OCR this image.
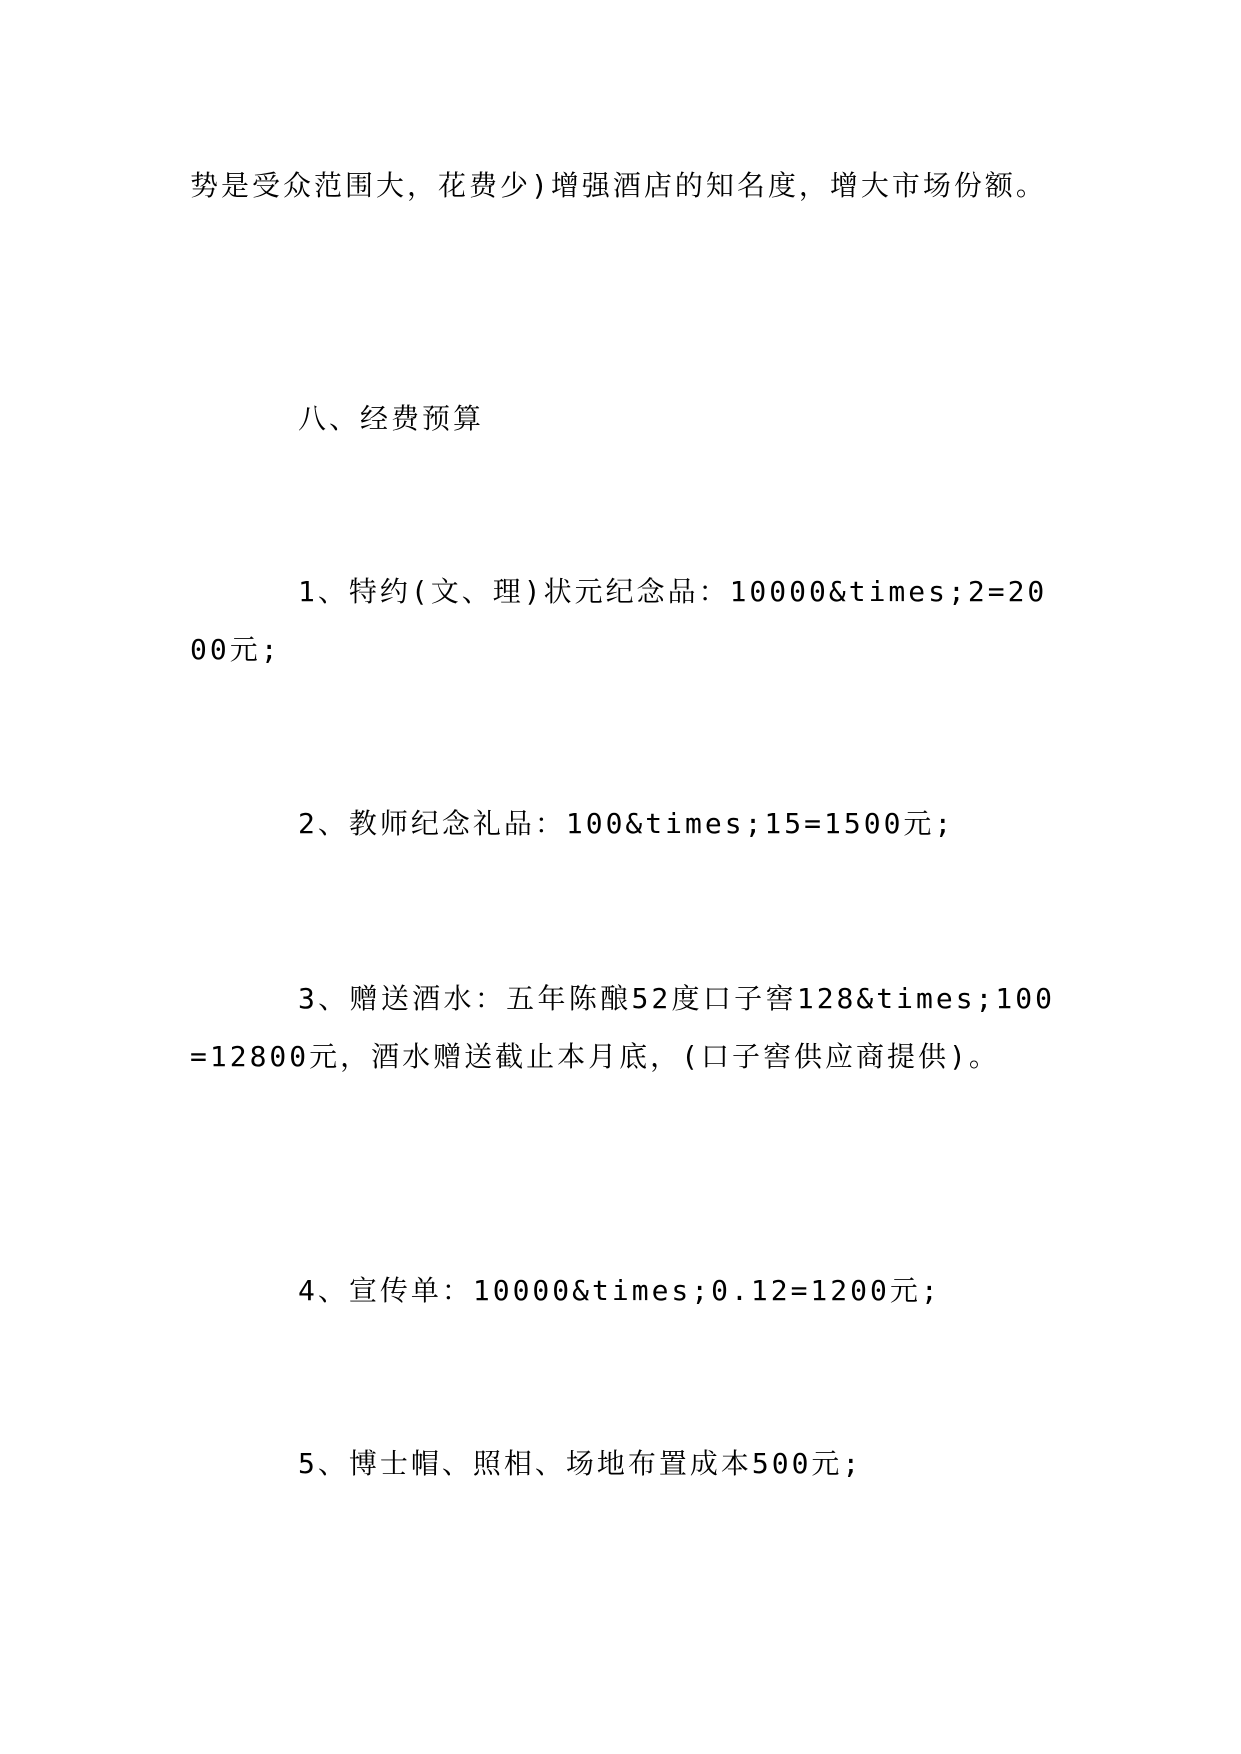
势是受众范围大，花费少)增强酒店的知名度，增大市场份额。

八、经费预算

1、特约(文、理)状元纪念品：10000&times;2=2000元;

2、教师纪念礼品：100&times;15=1500元;

3、赠送酒水：五年陈酿52度口子窖128&times;100=12800元，酒水赠送截止本月底，(口子窖供应商提供)。

4、宣传单：10000&times;0.12=1200元;

5、博士帽、照相、场地布置成本500元;
